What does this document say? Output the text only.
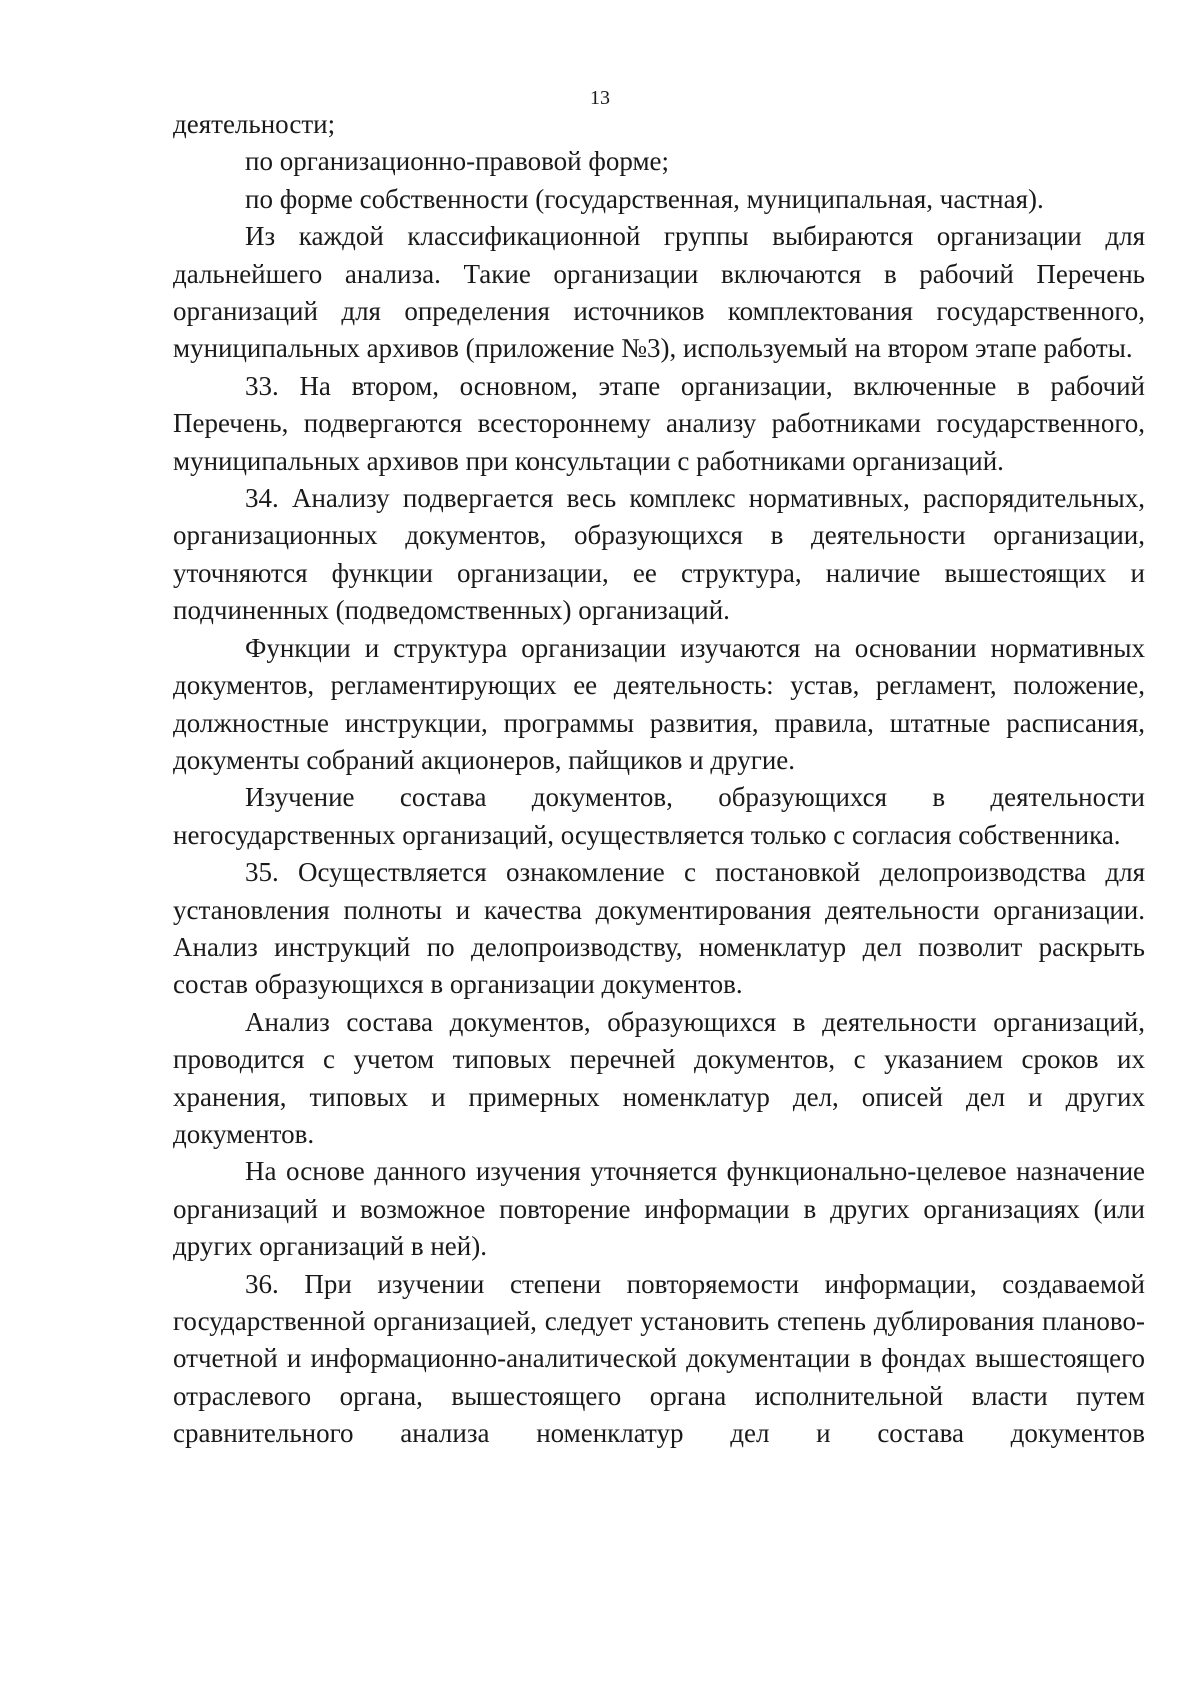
13

деятельности;

по организационно-правовой форме;

по форме собственности (государственная, муниципальная, частная).

Из каждой классификационной группы выбираются организации для дальнейшего анализа. Такие организации включаются в рабочий Перечень организаций для определения источников комплектования государственного, муниципальных архивов (приложение №3), используемый на втором этапе работы.

33. На втором, основном, этапе организации, включенные в рабочий Перечень, подвергаются всестороннему анализу работниками государственного, муниципальных архивов при консультации с работниками организаций.

34. Анализу подвергается весь комплекс нормативных, распорядительных, организационных документов, образующихся в деятельности организации, уточняются функции организации, ее структура, наличие вышестоящих и подчиненных (подведомственных) организаций.

Функции и структура организации изучаются на основании нормативных документов, регламентирующих ее деятельность: устав, регламент, положение, должностные инструкции, программы развития, правила, штатные расписания, документы собраний акционеров, пайщиков и другие.

Изучение состава документов, образующихся в деятельности негосударственных организаций, осуществляется только с согласия собственника.

35. Осуществляется ознакомление с постановкой делопроизводства для установления полноты и качества документирования деятельности организации. Анализ инструкций по делопроизводству, номенклатур дел позволит раскрыть состав образующихся в организации документов.

Анализ состава документов, образующихся в деятельности организаций, проводится с учетом типовых перечней документов, с указанием сроков их хранения, типовых и примерных номенклатур дел, описей дел и других документов.

На основе данного изучения уточняется функционально-целевое назначение организаций и возможное повторение информации в других организациях (или других организаций в ней).

36. При изучении степени повторяемости информации, создаваемой государственной организацией, следует установить степень дублирования планово-отчетной и информационно-аналитической документации в фондах вышестоящего отраслевого органа, вышестоящего органа исполнительной власти путем сравнительного анализа номенклатур дел и состава документов
